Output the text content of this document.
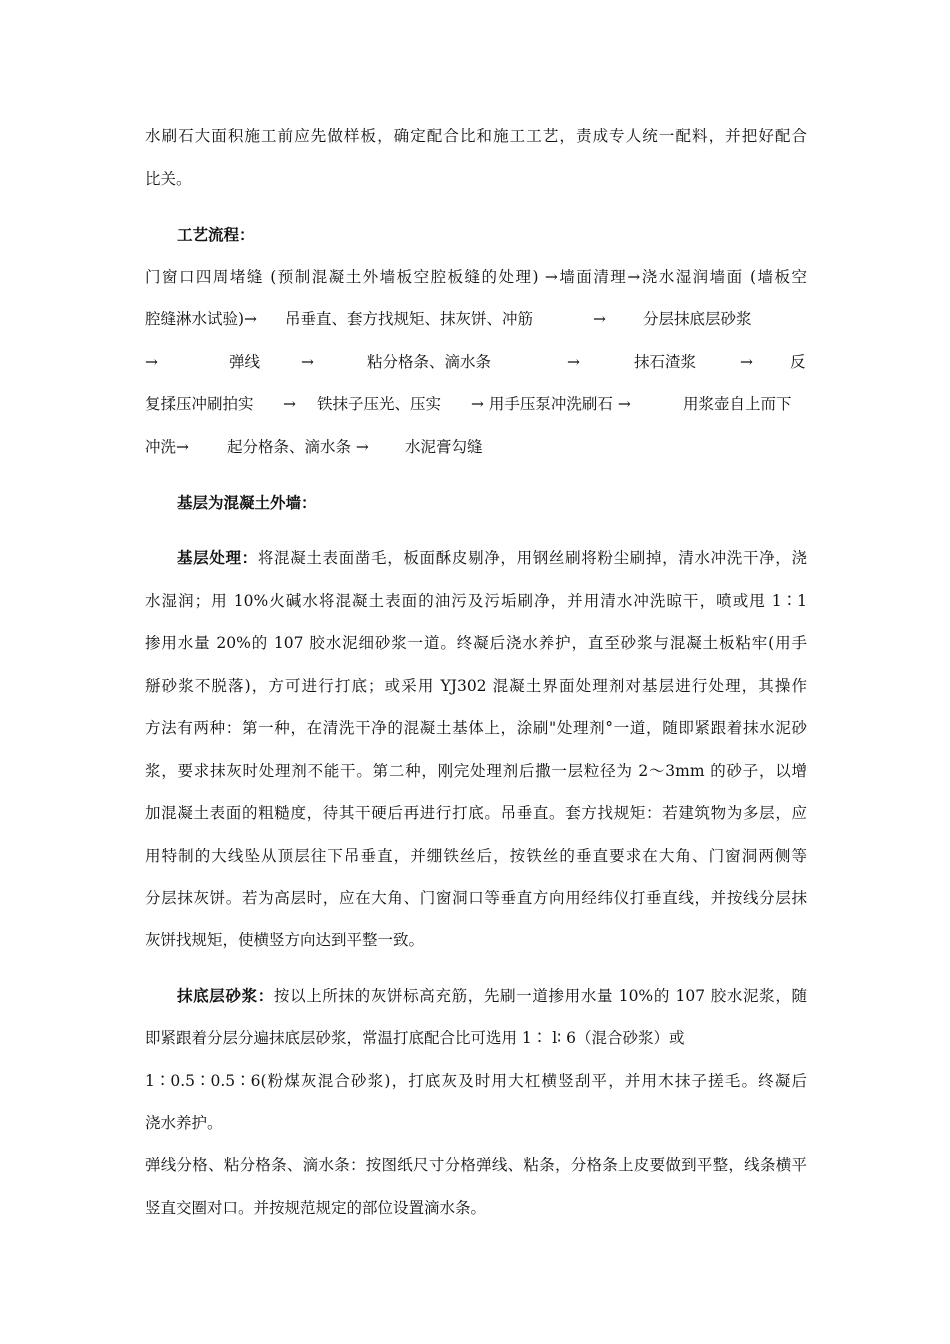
水刷石大面积施工前应先做样板，确定配合比和施工工艺，责成专人统一配料，并把好配合
比关。
工艺流程：
门窗口四周堵缝 (预制混凝土外墙板空腔板缝的处理) →墙面清理→浇水湿润墙面 (墙板空
腔缝淋水试验)→ 吊垂直、套方找规矩、抹灰饼、冲筋	→ 分层抹底层砂浆
→	弹线	→	粘分格条、滴水条	→	抹石渣浆	→ 反
复揉压冲刷拍实 → 铁抹子压光、压实 → 用手压泵冲洗刷石 →	用浆壶自上而下
冲洗→ 起分格条、滴水条 → 水泥膏勾缝
基层为混凝土外墙：
基层处理：将混凝土表面凿毛，板面酥皮剔净，用钢丝刷将粉尘刷掉，清水冲洗干净，浇
水湿润；用 10%火碱水将混凝土表面的油污及污垢刷净，并用清水冲洗晾干，喷或甩 1∶1
掺用水量 20%的 107 胶水泥细砂浆一道。终凝后浇水养护，直至砂浆与混凝土板粘牢(用手
掰砂浆不脱落)，方可进行打底；或采用 YJ302 混凝土界面处理剂对基层进行处理，其操作
方法有两种：第一种，在清洗干净的混凝土基体上，涂刷"处理剂°一道，随即紧跟着抹水泥砂
浆，要求抹灰时处理剂不能干。第二种，刚完处理剂后撒一层粒径为 2～3mm 的砂子，以增
加混凝土表面的粗糙度，待其干硬后再进行打底。吊垂直。套方找规矩：若建筑物为多层，应
用特制的大线坠从顶层往下吊垂直，并绷铁丝后，按铁丝的垂直要求在大角、门窗洞两侧等
分层抹灰饼。若为高层时，应在大角、门窗洞口等垂直方向用经纬仪打垂直线，并按线分层抹
灰饼找规矩，使横竖方向达到平整一致。
抹底层砂浆：按以上所抹的灰饼标高充筋，先刷一道掺用水量 10%的 107 胶水泥浆，随
即紧跟着分层分遍抹底层砂浆，常温打底配合比可选用 1∶ l∶ 6（混合砂浆）或
1∶0.5∶0.5∶6(粉煤灰混合砂浆)，打底灰及时用大杠横竖刮平，并用木抹子搓毛。终凝后
浇水养护。
弹线分格、粘分格条、滴水条：按图纸尺寸分格弹线、粘条，分格条上皮要做到平整，线条横平
竖直交圈对口。并按规范规定的部位设置滴水条。
